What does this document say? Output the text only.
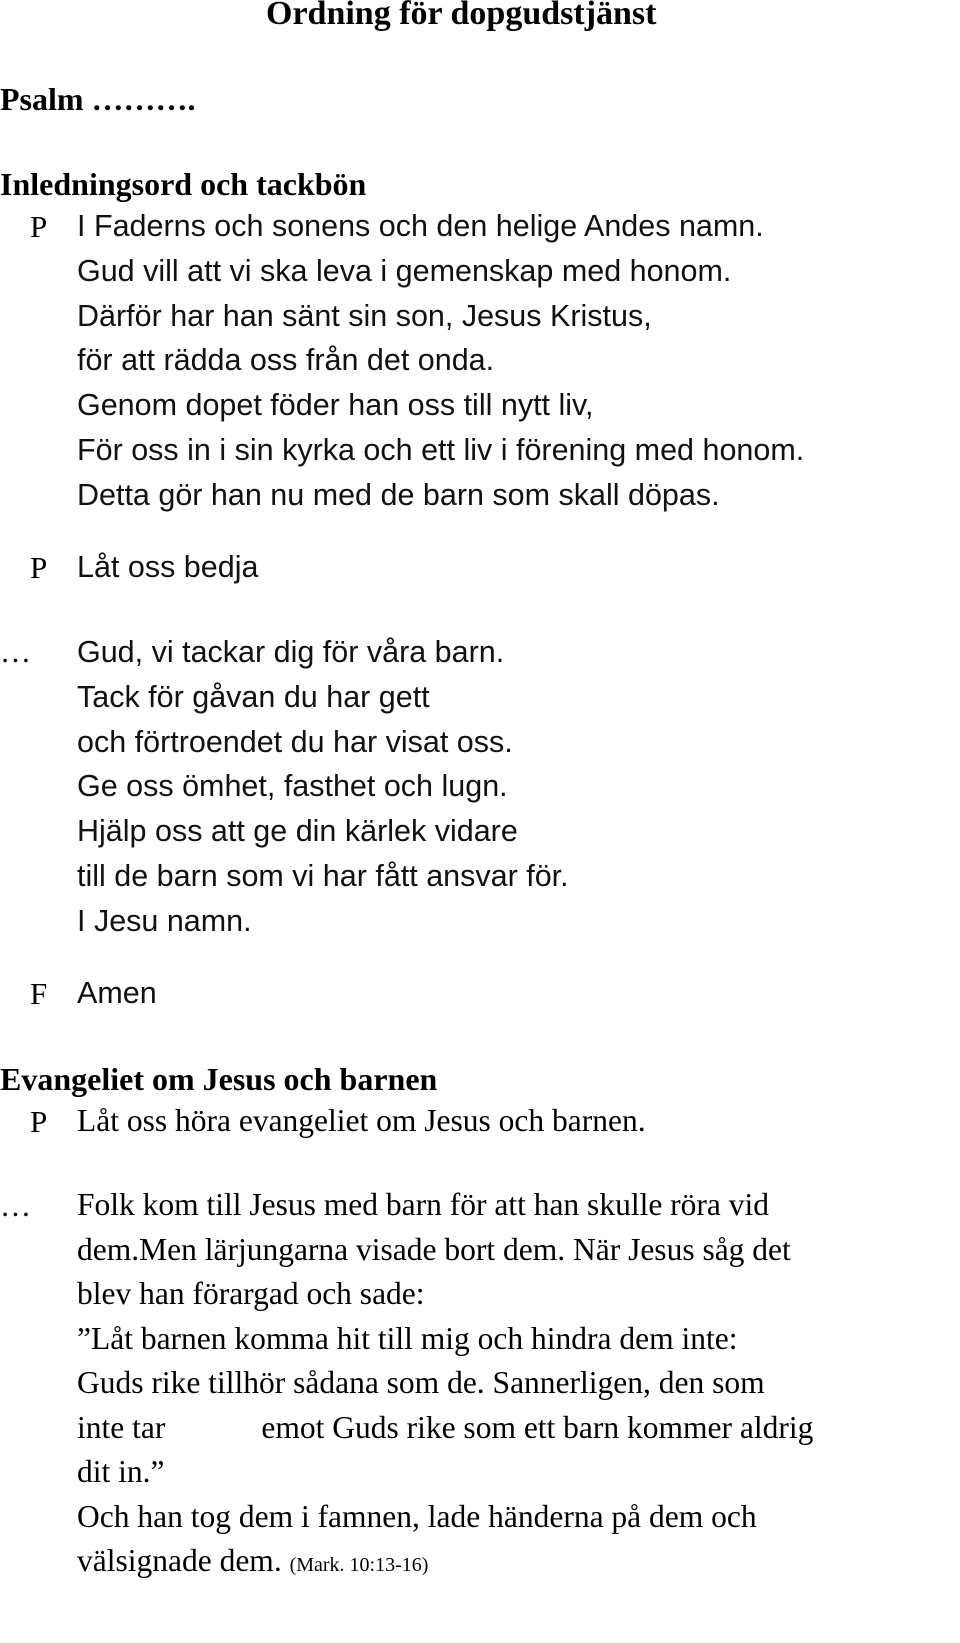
Ordning för dopgudstjänst
Psalm ……….
Inledningsord och tackbön
P I Faderns och sonens och den helige Andes namn.
Gud vill att vi ska leva i gemenskap med honom.
Därför har han sänt sin son, Jesus Kristus,
för att rädda oss från det onda.
Genom dopet föder han oss till nytt liv,
För oss in i sin kyrka och ett liv i förening med honom.
Detta gör han nu med de barn som skall döpas.
P Låt oss bedja
… Gud, vi tackar dig för våra barn.
Tack för gåvan du har gett
och förtroendet du har visat oss.
Ge oss ömhet, fasthet och lugn.
Hjälp oss att ge din kärlek vidare
till de barn som vi har fått ansvar för.
I Jesu namn.
F Amen
Evangeliet om Jesus och barnen
P Låt oss höra evangeliet om Jesus och barnen.
… Folk kom till Jesus med barn för att han skulle röra vid
dem.Men lärjungarna visade bort dem. När Jesus såg det
blev han förargad och sade:
”Låt barnen komma hit till mig och hindra dem inte:
Guds rike tillhör sådana som de. Sannerligen, den som
inte tar	emot Guds rike som ett barn kommer aldrig
dit in.”
Och han tog dem i famnen, lade händerna på dem och
välsignade dem. (Mark. 10:13-16)
